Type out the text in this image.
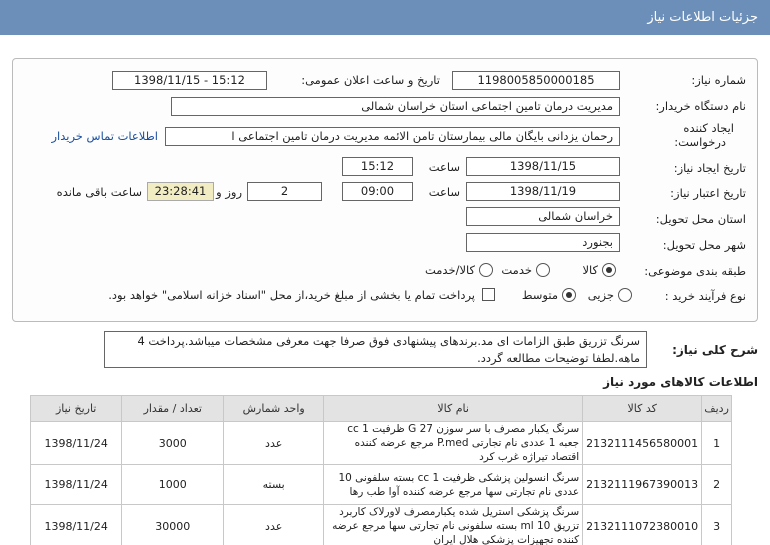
جزئیات اطلاعات نیاز
شماره نیاز:
1198005850000185
تاریخ و ساعت اعلان عمومی:
1398/11/15 - 15:12
نام دستگاه خریدار:
مدیریت درمان تامین اجتماعی استان خراسان شمالی
ایجاد کننده
درخواست:
رحمان یزدانی بایگان مالی بیمارستان تامن الائمه مدیریت درمان تامین اجتماعی ا
اطلاعات تماس خریدار
تاریخ ایجاد نیاز:
1398/11/15
ساعت
15:12
تاریخ اعتبار نیاز:
1398/11/19
ساعت
09:00
2
روز و
23:28:41
ساعت باقی مانده
استان محل تحویل:
خراسان شمالی
شهر محل تحویل:
بجنورد
طبقه بندی موضوعی:
کالا
خدمت
کالا/خدمت
نوع فرآیند خرید :
جزیی
متوسط
پرداخت تمام یا بخشی از مبلغ خرید،از محل "اسناد خزانه اسلامی" خواهد بود.
شرح کلی نیاز:
سرنگ تزریق طبق الزامات ای مد.برندهای پیشنهادی فوق صرفا جهت معرفی مشخصات میباشد.پرداخت 4 ماهه.لطفا توضیحات مطالعه گردد.
اطلاعات کالاهای مورد نیاز
ردیف	کد کالا	نام کالا	واحد شمارش	تعداد / مقدار	تاریخ نیاز
1	2132111456580001	سرنگ یکبار مصرف با سر سوزن G 27 ظرفیت cc 1 جعبه 1 عددی نام تجارتی P.med مرجع عرضه کننده اقتصاد تیراژه غرب کرد	عدد	3000	1398/11/24
2	2132111967390013	سرنگ انسولین پزشکی ظرفیت cc 1 بسته سلفونی 10 عددی نام تجارتی سها مرجع عرضه کننده آوا طب رها	بسته	1000	1398/11/24
3	2132111072380010	سرنگ پزشکی استریل شده یکبارمصرف لاورلاک کاربرد تزریق 10 ml بسته سلفونی نام تجارتی سها مرجع عرضه کننده تجهیزات پزشکی هلال ایران	عدد	30000	1398/11/24
